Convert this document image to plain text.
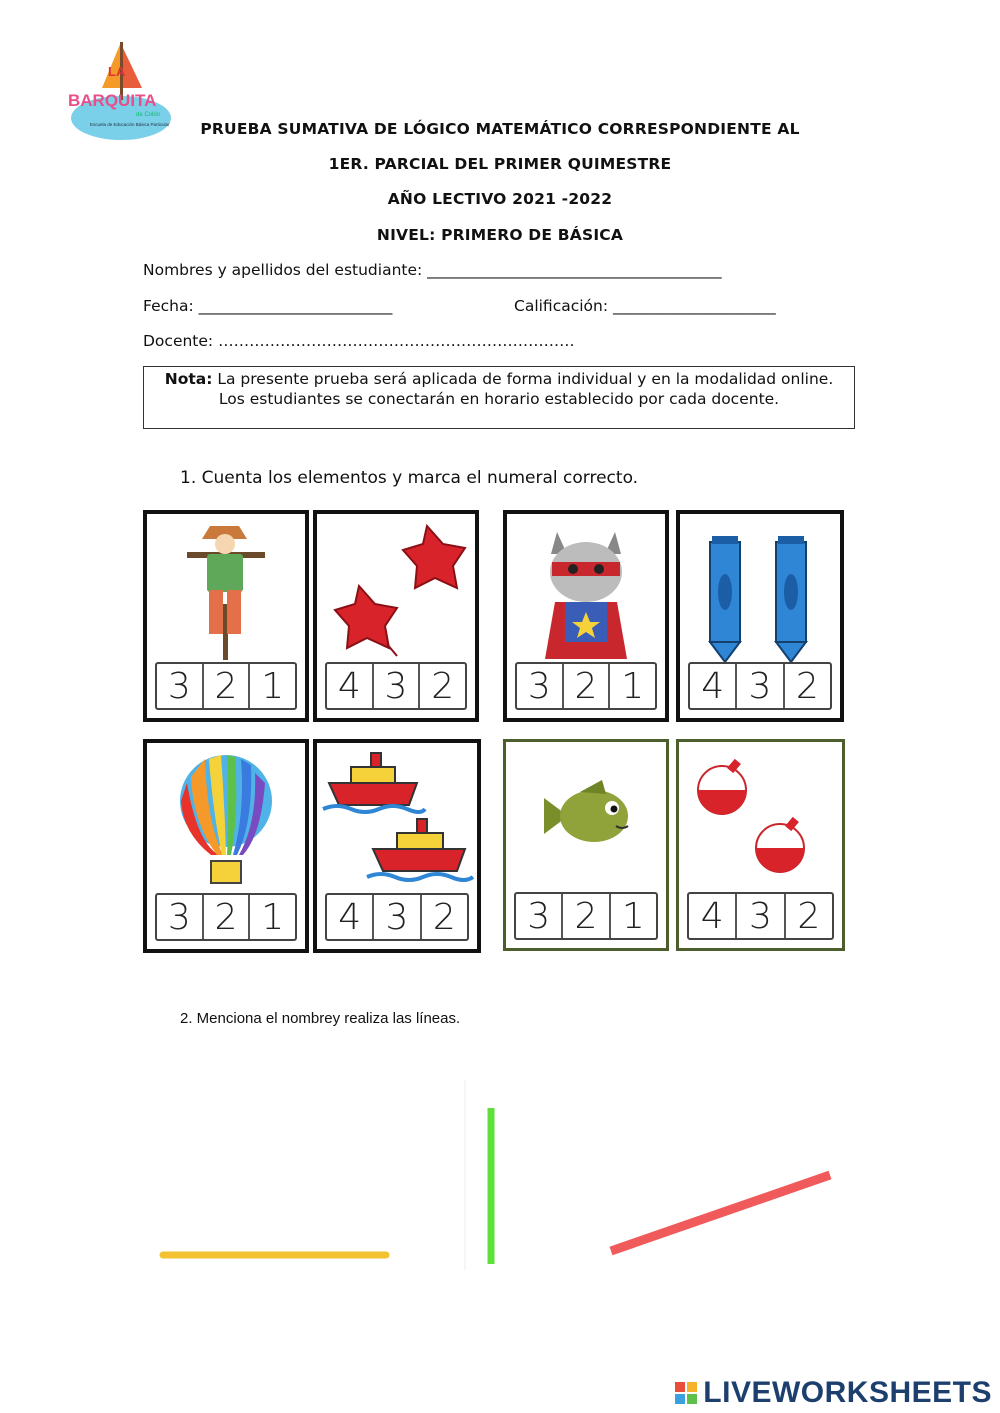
LA
BARQUITA
de Colón
Escuela de Educación Básica Particular	PRUEBA SUMATIVA DE LÓGICO MATEMÁTICO CORRESPONDIENTE AL
1ER. PARCIAL DEL PRIMER QUIMESTRE
AÑO LECTIVO 2021 -2022
NIVEL: PRIMERO DE BÁSICA
Nombres y apellidos del estudiante: ______________________________________
Fecha: _________________________	Calificación: _____________________
Docente: ……………………………………………………………
Nota: La presente prueba será aplicada de forma individual y en la modalidad online. Los estudiantes se conectarán en horario establecido por cada docente.
1. Cuenta los elementos y marca el numeral correcto.
3 2 1	4 3 2	3 2 1	4 3 2
3 2 1	4 3 2	3 2 1	4 3 2
2. Menciona el nombrey realiza las líneas.
LIVEWORKSHEETS
